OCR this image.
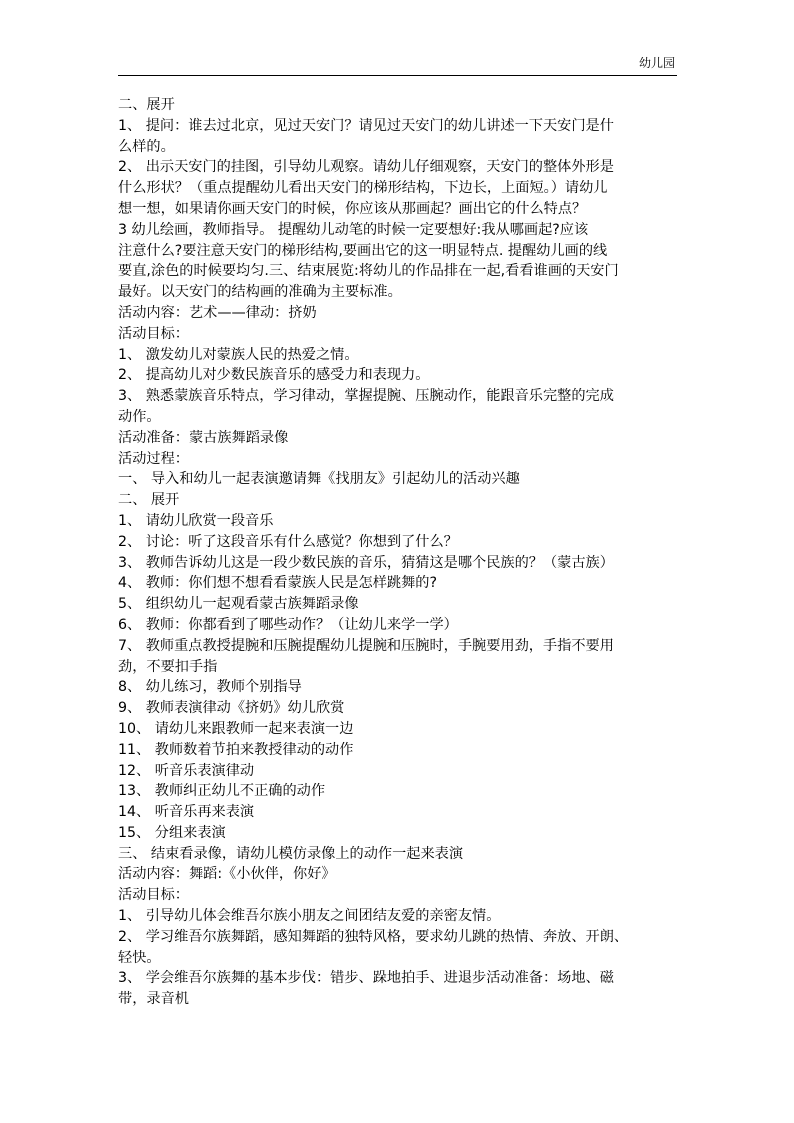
幼儿园
二、展开
1、 提问：谁去过北京，见过天安门？请见过天安门的幼儿讲述一下天安门是什
么样的。
2、 出示天安门的挂图，引导幼儿观察。请幼儿仔细观察，天安门的整体外形是
什么形状？（重点提醒幼儿看出天安门的梯形结构，下边长，上面短。）请幼儿
想一想，如果请你画天安门的时候，你应该从那画起？画出它的什么特点？
3 幼儿绘画，教师指导。 提醒幼儿动笔的时候一定要想好:我从哪画起?应该
注意什么?要注意天安门的梯形结构,要画出它的这一明显特点. 提醒幼儿画的线
要直,涂色的时候要均匀.三、结束展览:将幼儿的作品排在一起,看看谁画的天安门
最好。以天安门的结构画的准确为主要标准。
活动内容：艺术——律动：挤奶
活动目标：
1、 激发幼儿对蒙族人民的热爱之情。
2、 提高幼儿对少数民族音乐的感受力和表现力。
3、 熟悉蒙族音乐特点，学习律动，掌握提腕、压腕动作，能跟音乐完整的完成
动作。
活动准备：蒙古族舞蹈录像
活动过程：
一、 导入和幼儿一起表演邀请舞《找朋友》引起幼儿的活动兴趣
二、 展开
1、 请幼儿欣赏一段音乐
2、 讨论：听了这段音乐有什么感觉？你想到了什么？
3、 教师告诉幼儿这是一段少数民族的音乐，猜猜这是哪个民族的？（蒙古族）
4、 教师：你们想不想看看蒙族人民是怎样跳舞的?
5、 组织幼儿一起观看蒙古族舞蹈录像
6、 教师：你都看到了哪些动作？（让幼儿来学一学）
7、 教师重点教授提腕和压腕提醒幼儿提腕和压腕时，手腕要用劲，手指不要用
劲，不要扣手指
8、 幼儿练习，教师个别指导
9、 教师表演律动《挤奶》幼儿欣赏
10、 请幼儿来跟教师一起来表演一边
11、 教师数着节拍来教授律动的动作
12、 听音乐表演律动
13、 教师纠正幼儿不正确的动作
14、 听音乐再来表演
15、 分组来表演
三、 结束看录像，请幼儿模仿录像上的动作一起来表演
活动内容：舞蹈:《小伙伴，你好》
活动目标：
1、 引导幼儿体会维吾尔族小朋友之间团结友爱的亲密友情。
2、 学习维吾尔族舞蹈，感知舞蹈的独特风格，要求幼儿跳的热情、奔放、开朗、
轻快。
3、 学会维吾尔族舞的基本步伐：错步、跺地拍手、进退步活动准备：场地、磁
带，录音机
